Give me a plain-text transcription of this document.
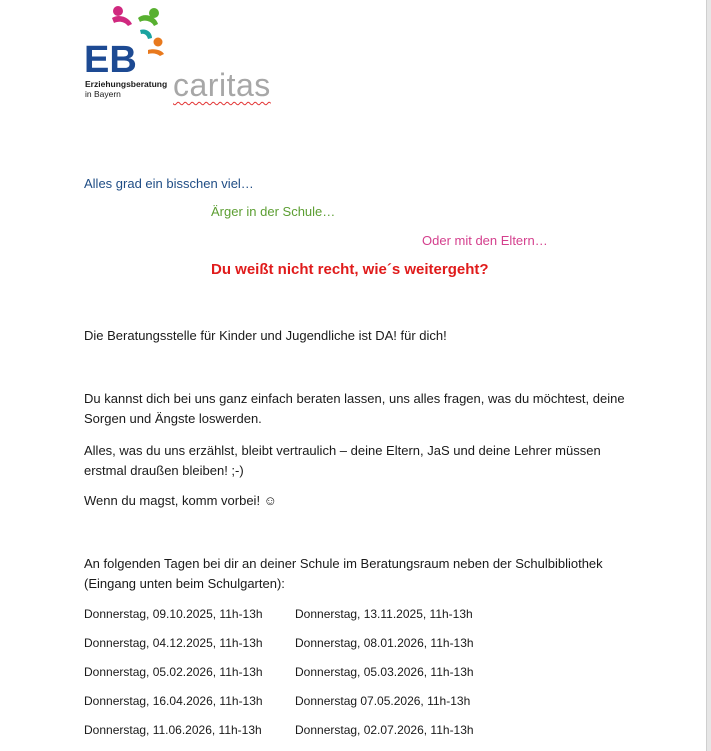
EB
Erziehungsberatung
in Bayern	caritas
Alles grad ein bisschen viel…
Ärger in der Schule…
Oder mit den Eltern…
Du weißt nicht recht, wie´s weitergeht?
Die Beratungsstelle für Kinder und Jugendliche ist DA! für dich!
Du kannst dich bei uns ganz einfach beraten lassen, uns alles fragen, was du möchtest, deine
Sorgen und Ängste loswerden.
Alles, was du uns erzählst, bleibt vertraulich – deine Eltern, JaS und deine Lehrer müssen
erstmal draußen bleiben! ;-)
Wenn du magst, komm vorbei! ☺
An folgenden Tagen bei dir an deiner Schule im Beratungsraum neben der Schulbibliothek
(Eingang unten beim Schulgarten):
Donnerstag, 09.10.2025, 11h-13h	Donnerstag, 13.11.2025, 11h-13h
Donnerstag, 04.12.2025, 11h-13h	Donnerstag, 08.01.2026, 11h-13h
Donnerstag, 05.02.2026, 11h-13h	Donnerstag, 05.03.2026, 11h-13h
Donnerstag, 16.04.2026, 11h-13h	Donnerstag 07.05.2026, 11h-13h
Donnerstag, 11.06.2026, 11h-13h	Donnerstag, 02.07.2026, 11h-13h
